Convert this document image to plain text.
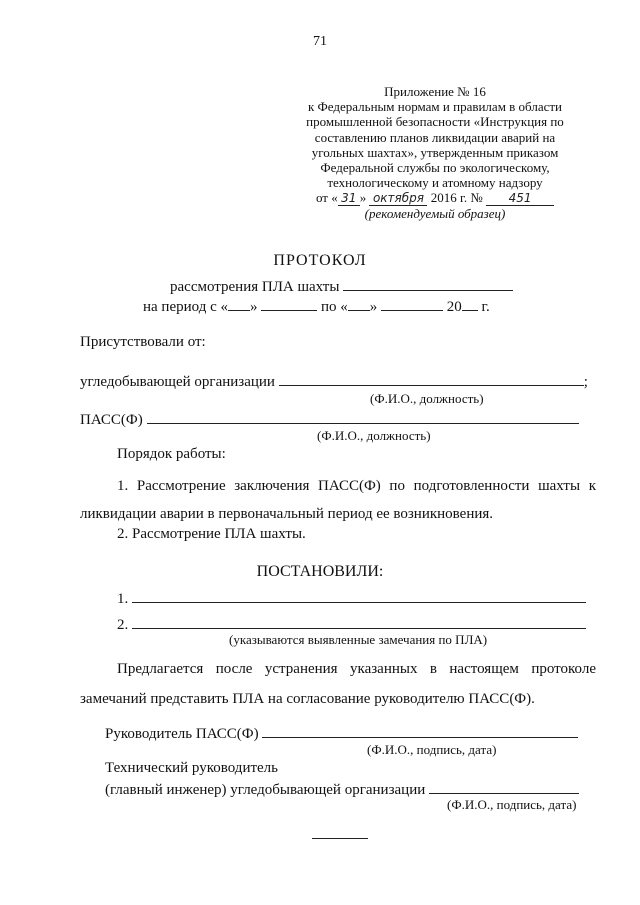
71
Приложение № 16
к Федеральным нормам и правилам в области
промышленной безопасности «Инструкция по
составлению планов ликвидации аварий на
угольных шахтах», утвержденным приказом
Федеральной службы по экологическому,
технологическому и атомному надзору
от « 31 » октября 2016 г. № 451
(рекомендуемый образец)
ПРОТОКОЛ
рассмотрения ПЛА шахты
на период с « »	по « »	20 г.
Присутствовали от:
угледобывающей организации	;
(Ф.И.О., должность)
ПАСС(Ф)
(Ф.И.О., должность)
Порядок работы:
1. Рассмотрение заключения ПАСС(Ф) по подготовленности шахты к ликвидации аварии в первоначальный период ее возникновения.
2. Рассмотрение ПЛА шахты.
ПОСТАНОВИЛИ:
1.
2.
(указываются выявленные замечания по ПЛА)
Предлагается после устранения указанных в настоящем протоколе замечаний представить ПЛА на согласование руководителю ПАСС(Ф).
Руководитель ПАСС(Ф)
(Ф.И.О., подпись, дата)
Технический руководитель
(главный инженер) угледобывающей организации
(Ф.И.О., подпись, дата)
